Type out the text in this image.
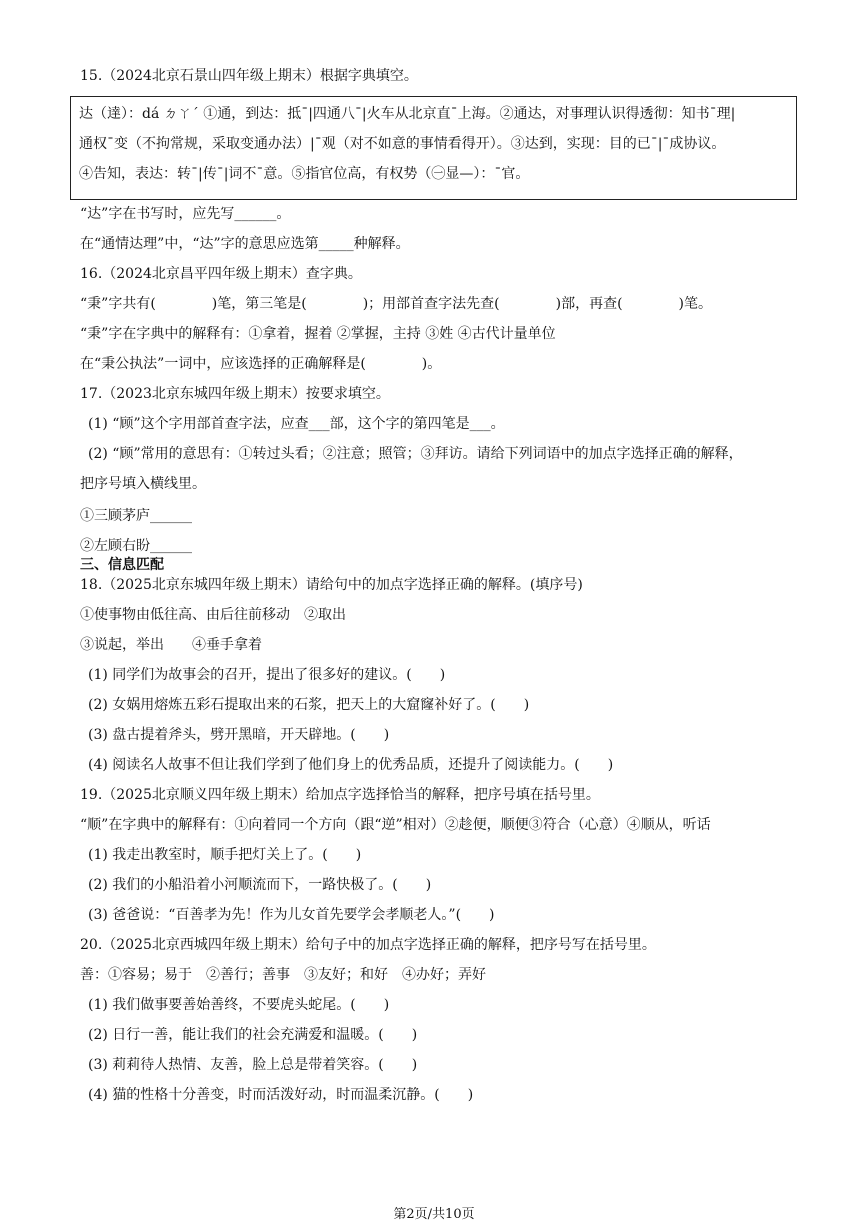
15.（2024北京石景山四年级上期末）根据字典填空。
达（達）：dá ㄉㄚˊ ①通，到达：抵ˉ|四通八ˉ|火车从北京直ˉ上海。②通达，对事理认识得透彻：知书ˉ理|
通权ˉ变（不拘常规，采取变通办法）|ˉ观（对不如意的事情看得开）。③达到，实现：目的已ˉ|ˉ成协议。
④告知，表达：转ˉ|传ˉ|词不ˉ意。⑤指官位高，有权势（㊀显—）：ˉ官。
“达”字在书写时，应先写______。
在“通情达理”中，“达”字的意思应选第_____种解释。
16.（2024北京昌平四年级上期末）查字典。
“秉”字共有(　　　　)笔，第三笔是(　　　　)；用部首查字法先查(　　　　)部，再查(　　　　)笔。
“秉”字在字典中的解释有：①拿着，握着 ②掌握，主持 ③姓 ④古代计量单位
在“秉公执法”一词中，应该选择的正确解释是(　　　　)。
17.（2023北京东城四年级上期末）按要求填空。
(1) “顾”这个字用部首查字法，应查___部，这个字的第四笔是___。
(2) “顾”常用的意思有：①转过头看；②注意；照管；③拜访。请给下列词语中的加点字选择正确的解释，
把序号填入横线里。
①三顾茅庐______
②左顾右盼______
三、信息匹配
18.（2025北京东城四年级上期末）请给句中的加点字选择正确的解释。(填序号)
①使事物由低往高、由后往前移动　②取出
③说起，举出　　④垂手拿着
(1) 同学们为故事会的召开，提出了很多好的建议。(　　)
(2) 女娲用熔炼五彩石提取出来的石浆，把天上的大窟窿补好了。(　　)
(3) 盘古提着斧头，劈开黑暗，开天辟地。(　　)
(4) 阅读名人故事不但让我们学到了他们身上的优秀品质，还提升了阅读能力。(　　)
19.（2025北京顺义四年级上期末）给加点字选择恰当的解释，把序号填在括号里。
“顺”在字典中的解释有：①向着同一个方向（跟“逆”相对）②趁便，顺便③符合（心意）④顺从，听话
(1) 我走出教室时，顺手把灯关上了。(　　)
(2) 我们的小船沿着小河顺流而下，一路快极了。(　　)
(3) 爸爸说：“百善孝为先！作为儿女首先要学会孝顺老人。”(　　)
20.（2025北京西城四年级上期末）给句子中的加点字选择正确的解释，把序号写在括号里。
善：①容易；易于　②善行；善事　③友好；和好　④办好；弄好
(1) 我们做事要善始善终，不要虎头蛇尾。(　　)
(2) 日行一善，能让我们的社会充满爱和温暖。(　　)
(3) 莉莉待人热情、友善，脸上总是带着笑容。(　　)
(4) 猫的性格十分善变，时而活泼好动，时而温柔沉静。(　　)
第2页/共10页
